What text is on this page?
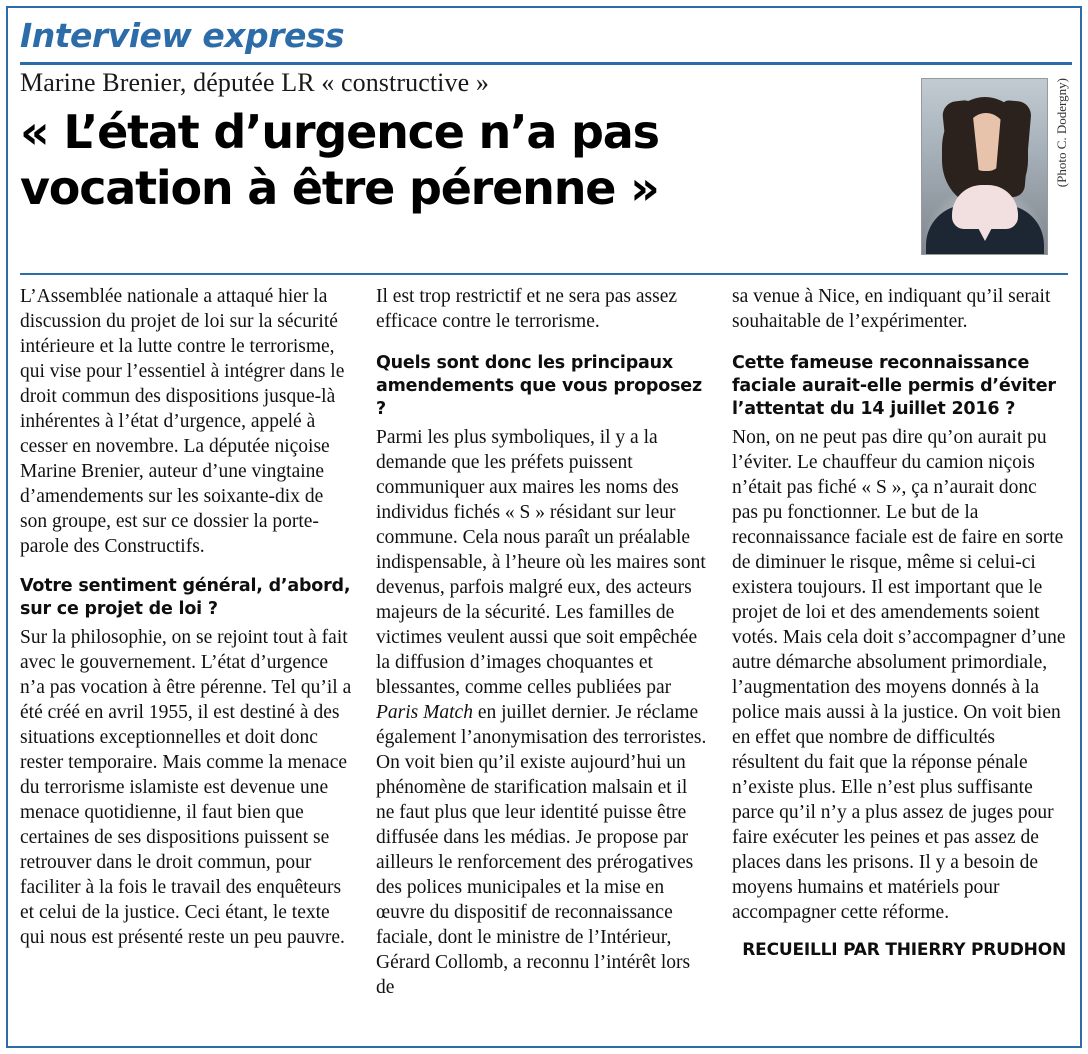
Interview express
Marine Brenier, députée LR « constructive »
« L’état d’urgence n’a pas vocation à être pérenne »
(Photo C. Dodergny)

L’Assemblée nationale a attaqué hier la discussion du projet de loi sur la sécurité intérieure et la lutte contre le terrorisme, qui vise pour l’essentiel à intégrer dans le droit commun des dispositions jusque-là inhérentes à l’état d’urgence, appelé à cesser en novembre. La députée niçoise Marine Brenier, auteur d’une vingtaine d’amendements sur les soixante-dix de son groupe, est sur ce dossier la porte-parole des Constructifs.

Votre sentiment général, d’abord, sur ce projet de loi ?

Sur la philosophie, on se rejoint tout à fait avec le gouvernement. L’état d’urgence n’a pas vocation à être pérenne. Tel qu’il a été créé en avril 1955, il est destiné à des situations exceptionnelles et doit donc rester temporaire. Mais comme la menace du terrorisme islamiste est devenue une menace quotidienne, il faut bien que certaines de ses dispositions puissent se retrouver dans le droit commun, pour faciliter à la fois le travail des enquêteurs et celui de la justice. Ceci étant, le texte qui nous est présenté reste un peu pauvre.

Il est trop restrictif et ne sera pas assez efficace contre le terrorisme.

Quels sont donc les principaux amendements que vous proposez ?

Parmi les plus symboliques, il y a la demande que les préfets puissent communiquer aux maires les noms des individus fichés « S » résidant sur leur commune. Cela nous paraît un préalable indispensable, à l’heure où les maires sont devenus, parfois malgré eux, des acteurs majeurs de la sécurité. Les familles de victimes veulent aussi que soit empêchée la diffusion d’images choquantes et blessantes, comme celles publiées par

Paris Match en juillet dernier. Je réclame également l’anonymisation des terroristes. On voit bien qu’il existe aujourd’hui un phénomène de starification malsain et il ne faut plus que leur identité puisse être diffusée dans les médias. Je propose par ailleurs le renforcement des prérogatives des polices municipales et la mise en œuvre du dispositif de reconnaissance faciale, dont le ministre de l’Intérieur, Gérard Collomb, a reconnu l’intérêt lors de

sa venue à Nice, en indiquant qu’il serait souhaitable de l’expérimenter.

Cette fameuse reconnaissance faciale aurait-elle permis d’éviter l’attentat du 14 juillet 2016 ?

Non, on ne peut pas dire qu’on aurait pu l’éviter. Le chauffeur du camion niçois n’était pas fiché « S », ça n’aurait donc pas pu fonctionner. Le but de la reconnaissance faciale est de faire en sorte de diminuer le risque, même si celui-ci existera toujours. Il est important que le projet de loi et des amendements soient votés. Mais cela doit s’accompagner d’une autre démarche absolument primordiale, l’augmentation des moyens donnés à la police mais aussi à la justice. On voit bien en effet que nombre de difficultés résultent du fait que la réponse pénale n’existe plus. Elle n’est plus suffisante parce qu’il n’y a plus assez de juges pour faire exécuter les peines et pas assez de places dans les prisons. Il y a besoin de moyens humains et matériels pour accompagner cette réforme.

RECUEILLI PAR THIERRY PRUDHON
